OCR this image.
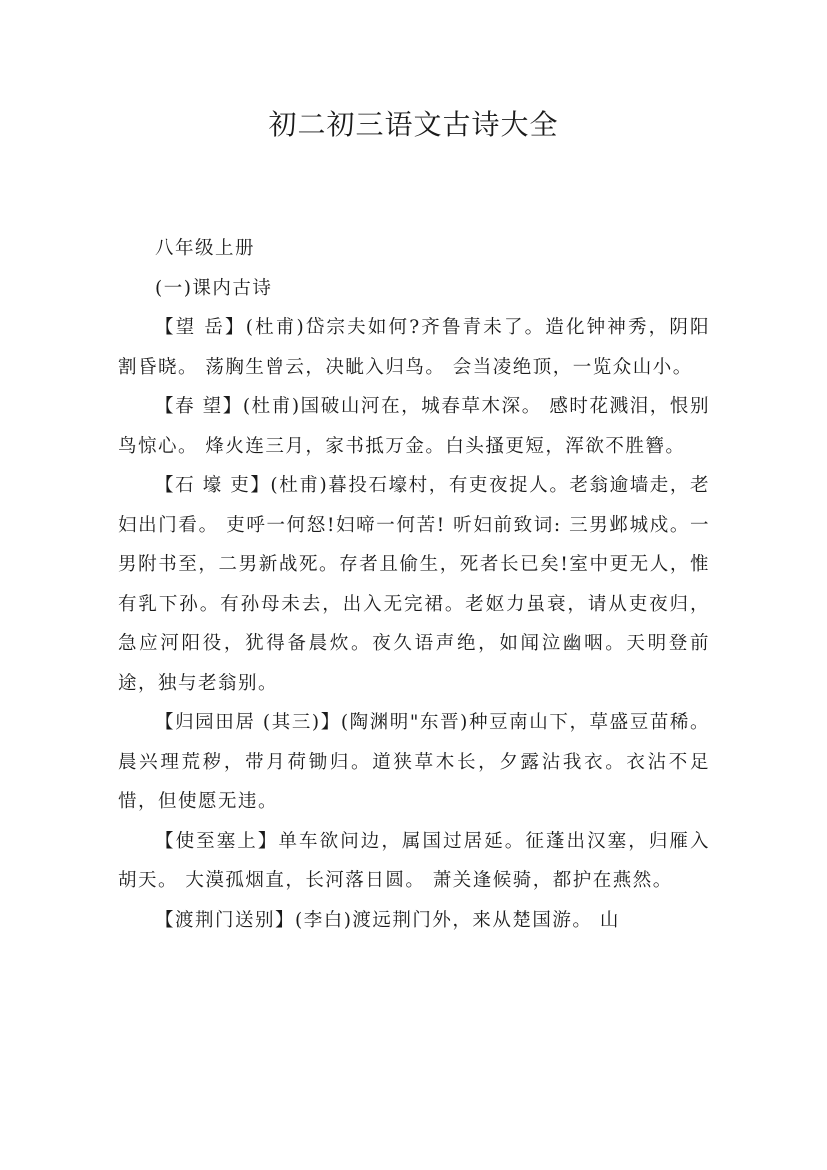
初二初三语文古诗大全

八年级上册

(一)课内古诗

【望 岳】(杜甫)岱宗夫如何?齐鲁青未了。造化钟神秀，阴阳割昏晓。 荡胸生曾云，决眦入归鸟。 会当凌绝顶，一览众山小。

【春 望】(杜甫)国破山河在，城春草木深。 感时花溅泪，恨别鸟惊心。 烽火连三月，家书抵万金。白头搔更短，浑欲不胜簪。

【石 壕 吏】(杜甫)暮投石壕村，有吏夜捉人。老翁逾墙走，老妇出门看。 吏呼一何怒!妇啼一何苦! 听妇前致词: 三男邺城戍。一男附书至，二男新战死。存者且偷生，死者长已矣!室中更无人，惟有乳下孙。有孙母未去，出入无完裙。老妪力虽衰，请从吏夜归，急应河阳役，犹得备晨炊。夜久语声绝，如闻泣幽咽。天明登前途，独与老翁别。

【归园田居 (其三)】(陶渊明"东晋)种豆南山下，草盛豆苗稀。晨兴理荒秽，带月荷锄归。道狭草木长，夕露沾我衣。衣沾不足惜，但使愿无违。

【使至塞上】单车欲问边，属国过居延。征蓬出汉塞，归雁入胡天。 大漠孤烟直，长河落日圆。 萧关逢候骑，都护在燕然。

【渡荆门送别】(李白)渡远荆门外，来从楚国游。 山
